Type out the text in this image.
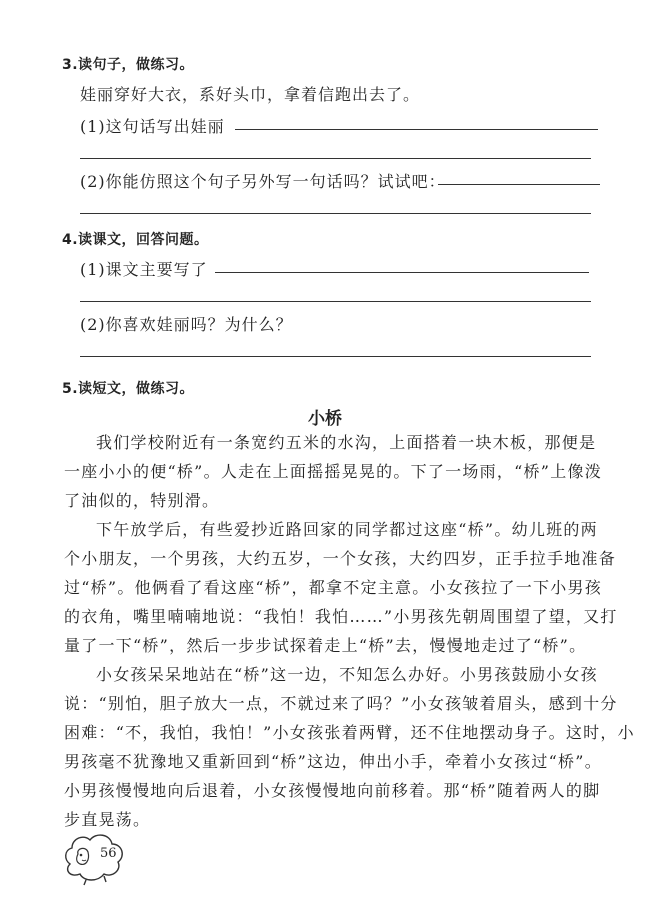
3.读句子，做练习。
娃丽穿好大衣，系好头巾，拿着信跑出去了。
(1)这句话写出娃丽
(2)你能仿照这个句子另外写一句话吗？试试吧：
4.读课文，回答问题。
(1)课文主要写了
(2)你喜欢娃丽吗？为什么？
5.读短文，做练习。
小桥
我们学校附近有一条宽约五米的水沟，上面搭着一块木板，那便是
一座小小的便“桥”。人走在上面摇摇晃晃的。下了一场雨，“桥”上像泼
了油似的，特别滑。
下午放学后，有些爱抄近路回家的同学都过这座“桥”。幼儿班的两
个小朋友，一个男孩，大约五岁，一个女孩，大约四岁，正手拉手地准备
过“桥”。他俩看了看这座“桥”，都拿不定主意。小女孩拉了一下小男孩
的衣角，嘴里喃喃地说：“我怕！我怕……”小男孩先朝周围望了望，又打
量了一下“桥”，然后一步步试探着走上“桥”去，慢慢地走过了“桥”。
小女孩呆呆地站在“桥”这一边，不知怎么办好。小男孩鼓励小女孩
说：“别怕，胆子放大一点，不就过来了吗？”小女孩皱着眉头，感到十分
困难：“不，我怕，我怕！”小女孩张着两臂，还不住地摆动身子。这时，小
男孩毫不犹豫地又重新回到“桥”这边，伸出小手，牵着小女孩过“桥”。
小男孩慢慢地向后退着，小女孩慢慢地向前移着。那“桥”随着两人的脚
步直晃荡。
56
